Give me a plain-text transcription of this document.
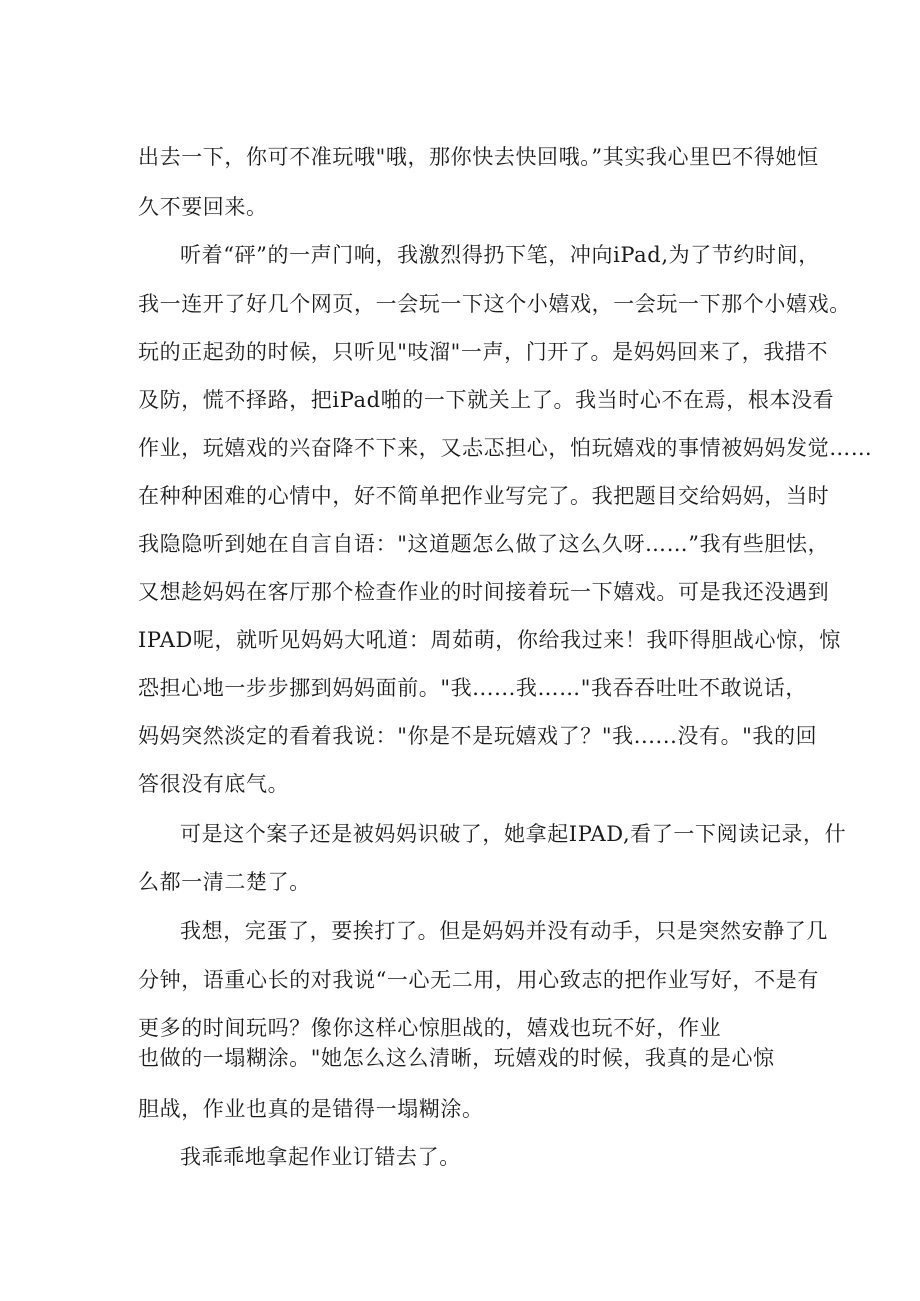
出去一下，你可不准玩哦"哦，那你快去快回哦。”其实我心里巴不得她恒
久不要回来。
听着“砰”的一声门响，我激烈得扔下笔，冲向iPad,为了节约时间，
我一连开了好几个网页，一会玩一下这个小嬉戏，一会玩一下那个小嬉戏。
玩的正起劲的时候，只听见"吱溜"一声，门开了。是妈妈回来了，我措不
及防，慌不择路，把iPad啪的一下就关上了。我当时心不在焉，根本没看
作业，玩嬉戏的兴奋降不下来，又忐忑担心，怕玩嬉戏的事情被妈妈发觉……
在种种困难的心情中，好不简单把作业写完了。我把题目交给妈妈，当时
我隐隐听到她在自言自语："这道题怎么做了这么久呀……”我有些胆怯，
又想趁妈妈在客厅那个检查作业的时间接着玩一下嬉戏。可是我还没遇到
IPAD呢，就听见妈妈大吼道：周茹萌，你给我过来！我吓得胆战心惊，惊
恐担心地一步步挪到妈妈面前。"我......我……"我吞吞吐吐不敢说话，
妈妈突然淡定的看着我说："你是不是玩嬉戏了？"我......没有。"我的回
答很没有底气。
可是这个案子还是被妈妈识破了，她拿起IPAD,看了一下阅读记录，什
么都一清二楚了。
我想，完蛋了，要挨打了。但是妈妈并没有动手，只是突然安静了几
分钟，语重心长的对我说“一心无二用，用心致志的把作业写好，不是有
更多的时间玩吗？像你这样心惊胆战的，嬉戏也玩不好，作业
也做的一塌糊涂。"她怎么这么清晰，玩嬉戏的时候，我真的是心惊
胆战，作业也真的是错得一塌糊涂。
我乖乖地拿起作业订错去了。
